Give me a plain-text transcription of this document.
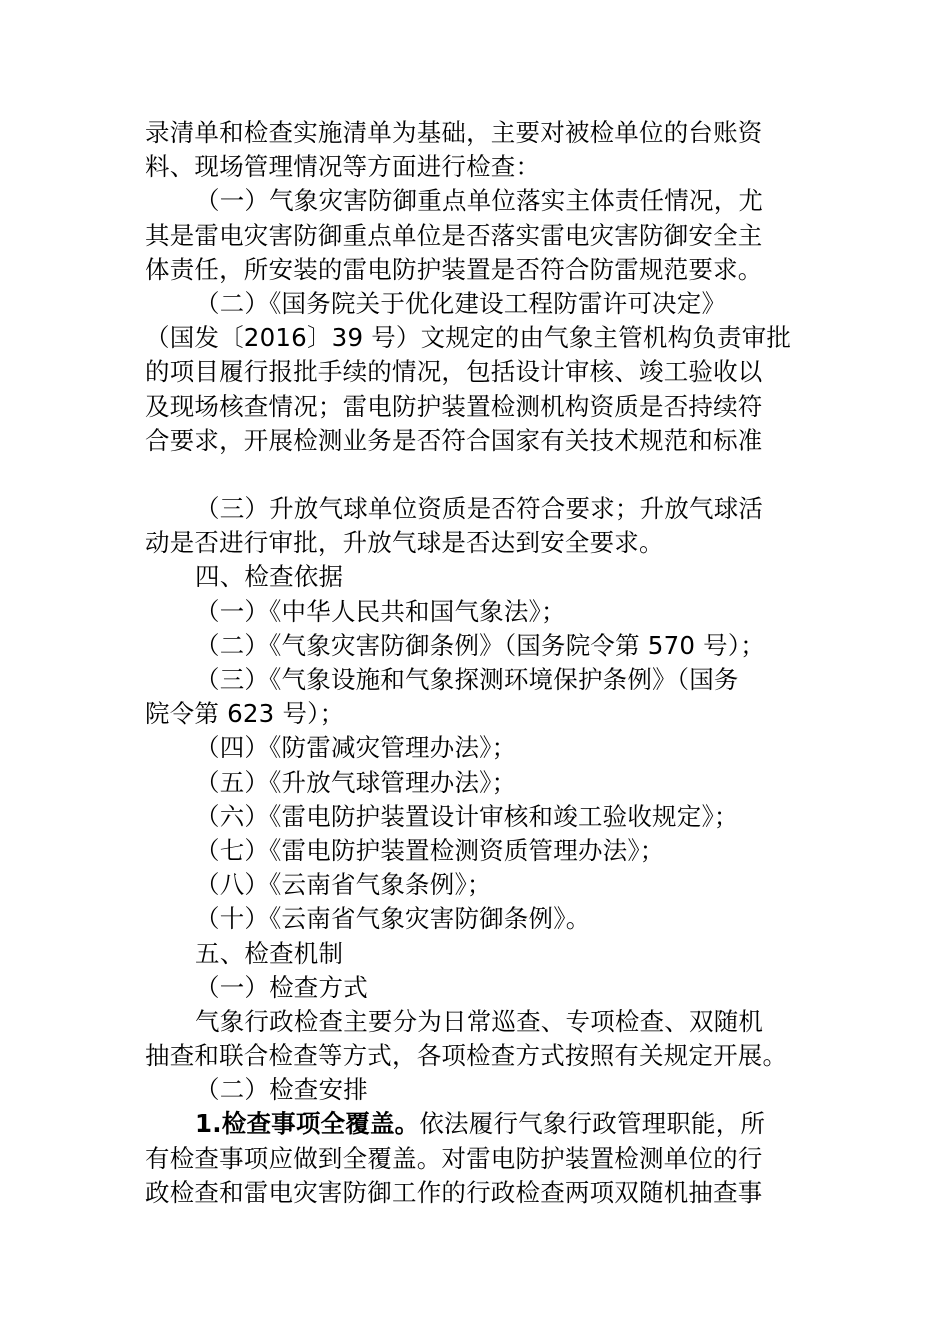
录清单和检查实施清单为基础，主要对被检单位的台账资
料、现场管理情况等方面进行检查：
（一）气象灾害防御重点单位落实主体责任情况，尤
其是雷电灾害防御重点单位是否落实雷电灾害防御安全主
体责任，所安装的雷电防护装置是否符合防雷规范要求。
（二）《国务院关于优化建设工程防雷许可决定》
（国发〔2016〕39 号）文规定的由气象主管机构负责审批
的项目履行报批手续的情况，包括设计审核、竣工验收以
及现场核查情况；雷电防护装置检测机构资质是否持续符
合要求，开展检测业务是否符合国家有关技术规范和标准
（三）升放气球单位资质是否符合要求；升放气球活
动是否进行审批，升放气球是否达到安全要求。
四、检查依据
（一）《中华人民共和国气象法》；
（二）《气象灾害防御条例》（国务院令第 570 号）；
（三）《气象设施和气象探测环境保护条例》（国务
院令第 623 号）；
（四）《防雷减灾管理办法》；
（五）《升放气球管理办法》；
（六）《雷电防护装置设计审核和竣工验收规定》；
（七）《雷电防护装置检测资质管理办法》；
（八）《云南省气象条例》；
（十）《云南省气象灾害防御条例》。
五、检查机制
（一）检查方式
气象行政检查主要分为日常巡查、专项检查、双随机
抽查和联合检查等方式，各项检查方式按照有关规定开展。
（二）检查安排
1.检查事项全覆盖。依法履行气象行政管理职能，所
有检查事项应做到全覆盖。对雷电防护装置检测单位的行
政检查和雷电灾害防御工作的行政检查两项双随机抽查事
